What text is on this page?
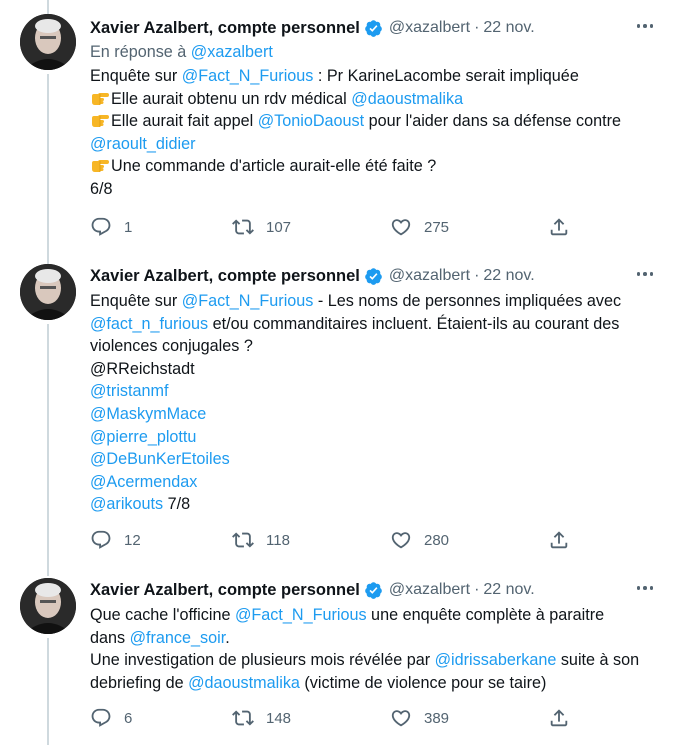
Xavier Azalbert, compte personnel @xazalbert · 22 nov.
En réponse à @xazalbert
Enquête sur @Fact_N_Furious : Pr KarineLacombe serait impliquée
Elle aurait obtenu un rdv médical @daoustmalika
Elle aurait fait appel @TonioDaoust pour l'aider dans sa défense contre
@raoult_didier
Une commande d'article aurait-elle été faite ?
6/8
1	107	275
Xavier Azalbert, compte personnel @xazalbert · 22 nov.
Enquête sur @Fact_N_Furious - Les noms de personnes impliquées avec
@fact_n_furious et/ou commanditaires incluent. Étaient-ils au courant des
violences conjugales ?
@RReichstadt
@tristanmf
@MaskymMace
@pierre_plottu
@DeBunKerEtoiles
@Acermendax
@arikouts 7/8
12	118	280
Xavier Azalbert, compte personnel @xazalbert · 22 nov.
Que cache l'officine @Fact_N_Furious une enquête complète à paraitre
dans @france_soir.
Une investigation de plusieurs mois révélée par @idrissaberkane suite à son
debriefing de @daoustmalika (victime de violence pour se taire)
6	148	389
